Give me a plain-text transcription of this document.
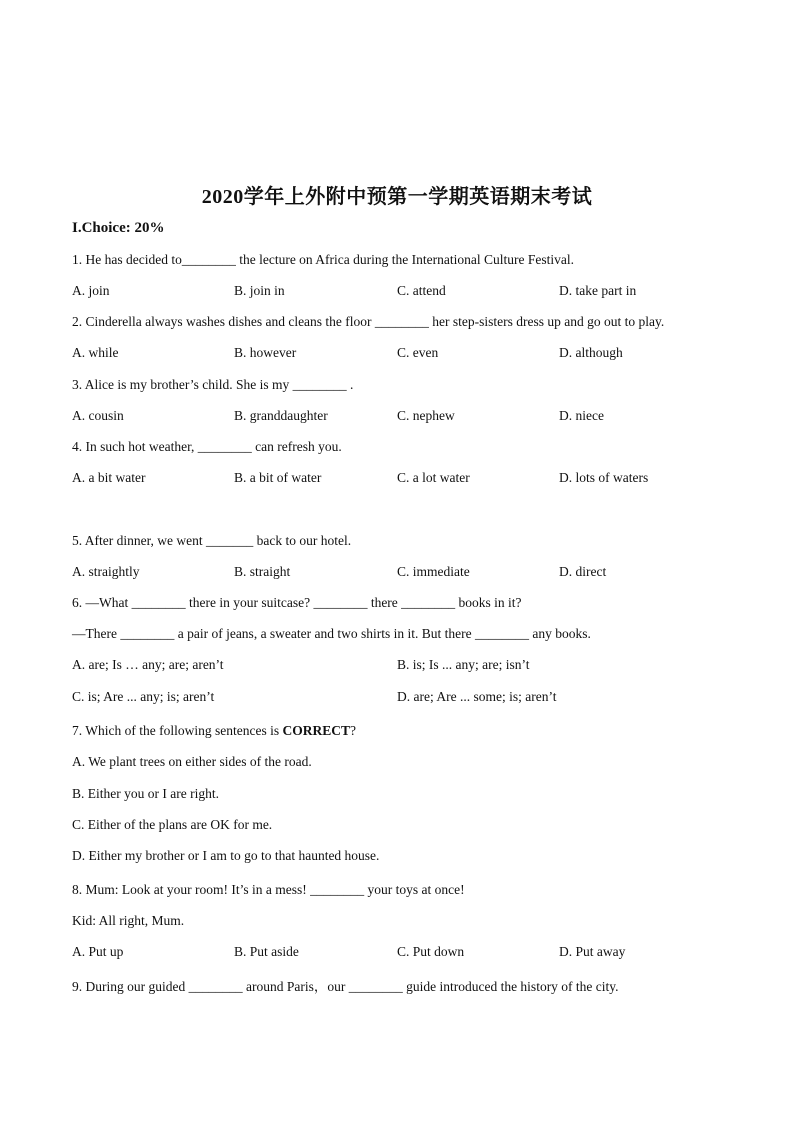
2020学年上外附中预第一学期英语期末考试
I.Choice: 20%
1. He has decided to________ the lecture on Africa during the International Culture Festival.
A. join	B. join in	C. attend	D. take part in
2. Cinderella always washes dishes and cleans the floor ________ her step-sisters dress up and go out to play.
A. while	B. however	C. even	D. although
3. Alice is my brother’s child. She is my ________ .
A. cousin	B. granddaughter	C. nephew	D. niece
4. In such hot weather, ________ can refresh you.
A. a bit water	B. a bit of water	C. a lot water	D. lots of waters
5. After dinner, we went _______ back to our hotel.
A. straightly	B. straight	C. immediate	D. direct
6. —What ________ there in your suitcase? ________ there ________ books in it?
—There ________ a pair of jeans, a sweater and two shirts in it. But there ________ any books.
A. are; Is … any; are; aren’t	B. is; Is ... any; are; isn’t
C. is; Are ... any; is; aren’t	D. are; Are ... some; is; aren’t
7. Which of the following sentences is CORRECT?
A. We plant trees on either sides of the road.
B. Either you or I are right.
C. Either of the plans are OK for me.
D. Either my brother or I am to go to that haunted house.
8. Mum: Look at your room! It’s in a mess! ________ your toys at once!
Kid: All right, Mum.
A. Put up	B. Put aside	C. Put down	D. Put away
9. During our guided ________ around Paris，our ________ guide introduced the history of the city.
